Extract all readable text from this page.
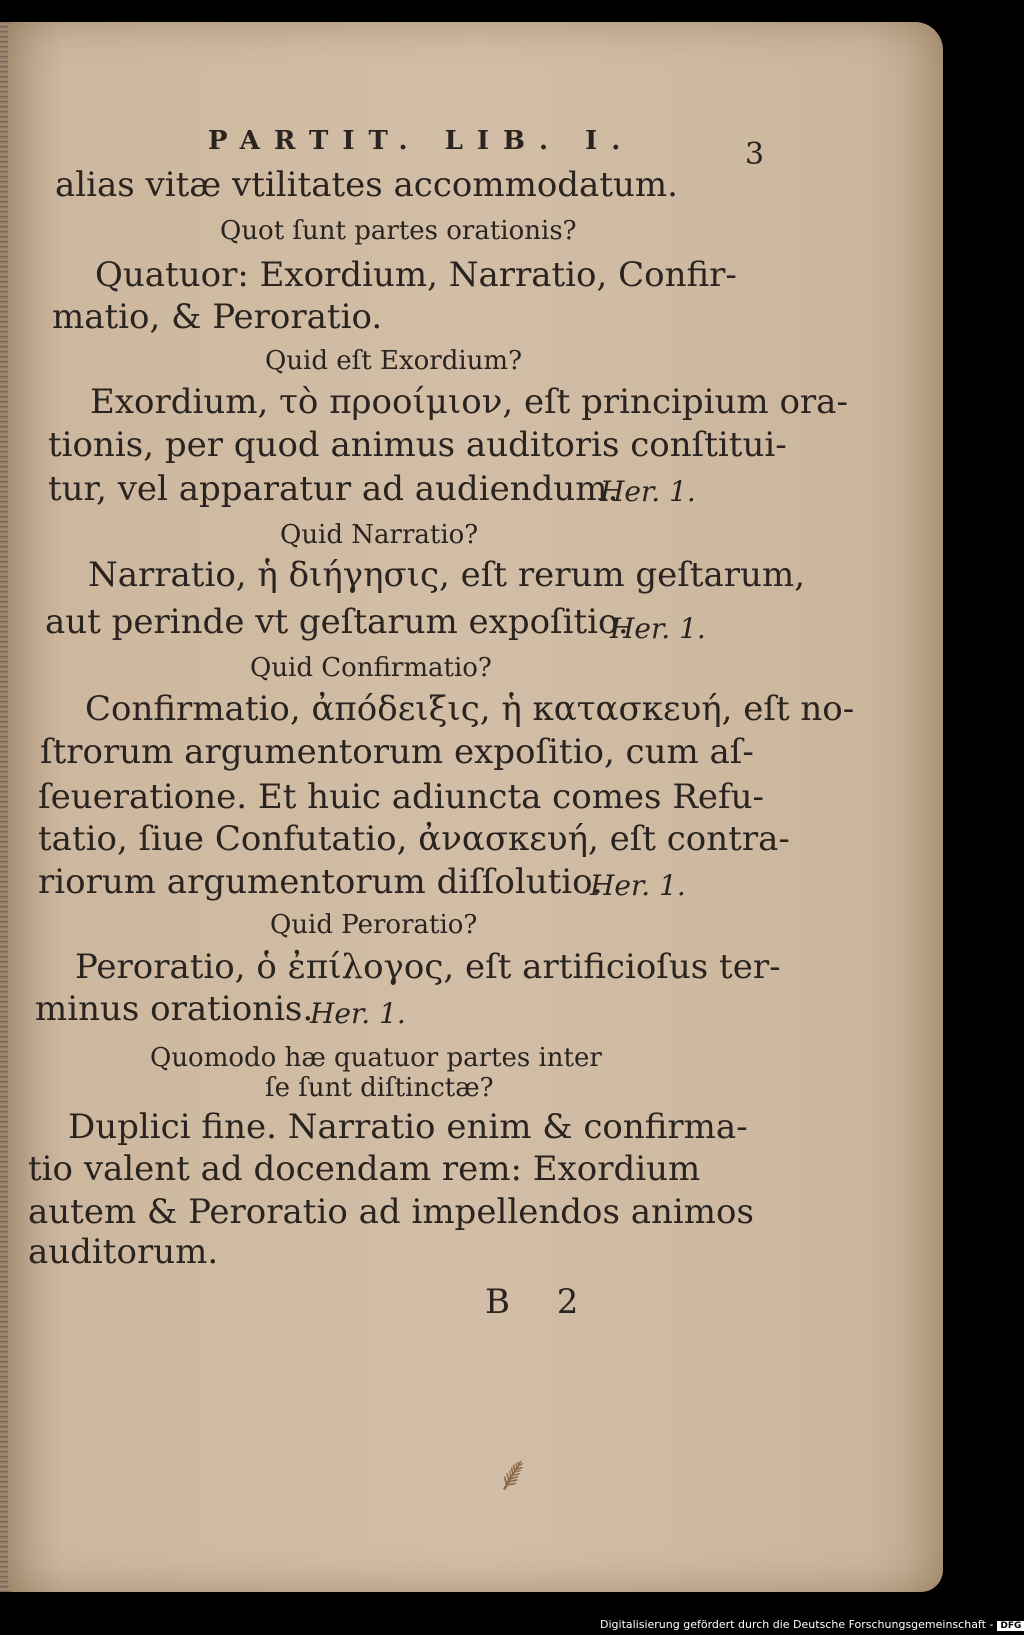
PARTIT. LIB. I.	3
alias vitæ vtilitates accommodatum.
Quot ſunt partes orationis?
Quatuor: Exordium, Narratio, Confir-
matio, & Peroratio.
Quid eſt Exordium?
Exordium, τὸ προοίμιον, eſt principium ora-
tionis, per quod animus auditoris conſtitui-
tur, vel apparatur ad audiendum.
Her. 1.
Quid Narratio?
Narratio, ἡ διήγησις, eſt rerum geſtarum,
aut perinde vt geſtarum expoſitio.
Her. 1.
Quid Confirmatio?
Confirmatio, ἀπόδειξις, ἡ κατασκευή, eſt no-
ſtrorum argumentorum expoſitio, cum aſ-
ſeueratione. Et huic adiuncta comes Refu-
tatio, ſiue Confutatio, ἀνασκευή, eſt contra-
riorum argumentorum diſſolutio.
Her. 1.
Quid Peroratio?
Peroratio, ὁ ἐπίλογος, eſt artificioſus ter-
minus orationis.
Her. 1.
Quomodo hæ quatuor partes inter
ſe ſunt diſtinctæ?
Duplici fine. Narratio enim & confirma-
tio valent ad docendam rem: Exordium
autem & Peroratio ad impellendos animos
auditorum.
B 2
⸙
Digitalisierung gefördert durch die Deutsche Forschungsgemeinschaft - DFG
